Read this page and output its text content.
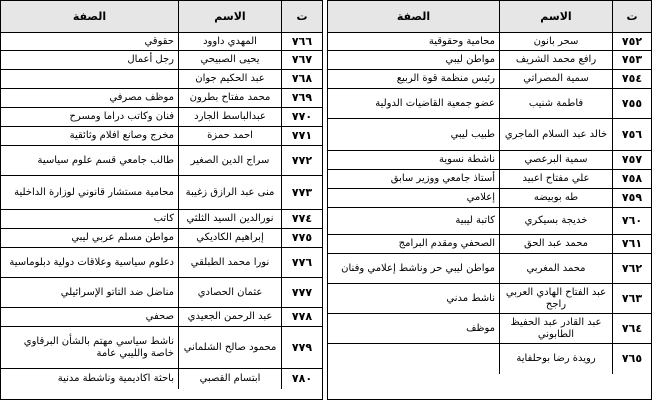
ت
الاسم
الصفة
٧٥٢
سحر بانون
محامية وحقوقية
٧٥٣
رافع محمد الشريف
مواطن ليبي
٧٥٤
سمية المصراتي
رئيس منظمة قوة الربيع
٧٥٥
فاطمة شنيب
عضو جمعية القاضيات الدولية
٧٥٦
خالد عبد السلام الماجري
طبيب ليبي
٧٥٧
سمية البرعصي
ناشطة نسوية
٧٥٨
علي مفتاح اعبيد
أستاذ جامعي ووزير سابق
٧٥٩
طه بوبيضه
إعلامي
٧٦٠
خديجة بسيكري
كاتبة ليبية
٧٦١
محمد عبد الحق
الصحفي ومقدم البرامج
٧٦٢
محمد المغربي
مواطن ليبي حر وناشط إعلامي وفنان
٧٦٣
عبد الفتاح الهادي العربي راجح
ناشط مدني
٧٦٤
عبد القادر عبد الحفيظ الطابوني
موظف
٧٦٥
رويدة رضا بوحلفاية
ت
الاسم
الصفة
٧٦٦
المهدي داوود
حقوقي
٧٦٧
يحيى الصبيحي
رجل أعمال
٧٦٨
عبد الحكيم جوان
٧٦٩
محمد مفتاح بطرون
موظف مصرفي
٧٧٠
عبدالباسط الجارد
فنان وكاتب دراما ومسرح
٧٧١
احمد حمزة
مخرج وصانع افلام وثائقية
٧٧٢
سراج الدين الصغير
طالب جامعي قسم علوم سياسية
٧٧٣
منى عبد الرازق زغيبة
محامية مستشار قانوني لوزارة الداخلية
٧٧٤
نورالدين السيد الثلثي
كاتب
٧٧٥
إبراهيم الكاديكي
مواطن مسلم عربي ليبي
٧٧٦
نورا محمد الطبلقي
دعلوم سياسية وعلاقات دولية دبلوماسية
٧٧٧
عثمان الحصادي
مناضل ضد التاتو الإسرائيلي
٧٧٨
عبد الرحمن الجعيدي
صحفي
٧٧٩
محمود صالح الشلماني
ناشط سياسي مهتم بالشأن البرقاوي خاصة والليبي عامة
٧٨٠
ابتسام القصبي
باحثة اكاديمية وناشطة مدنية
